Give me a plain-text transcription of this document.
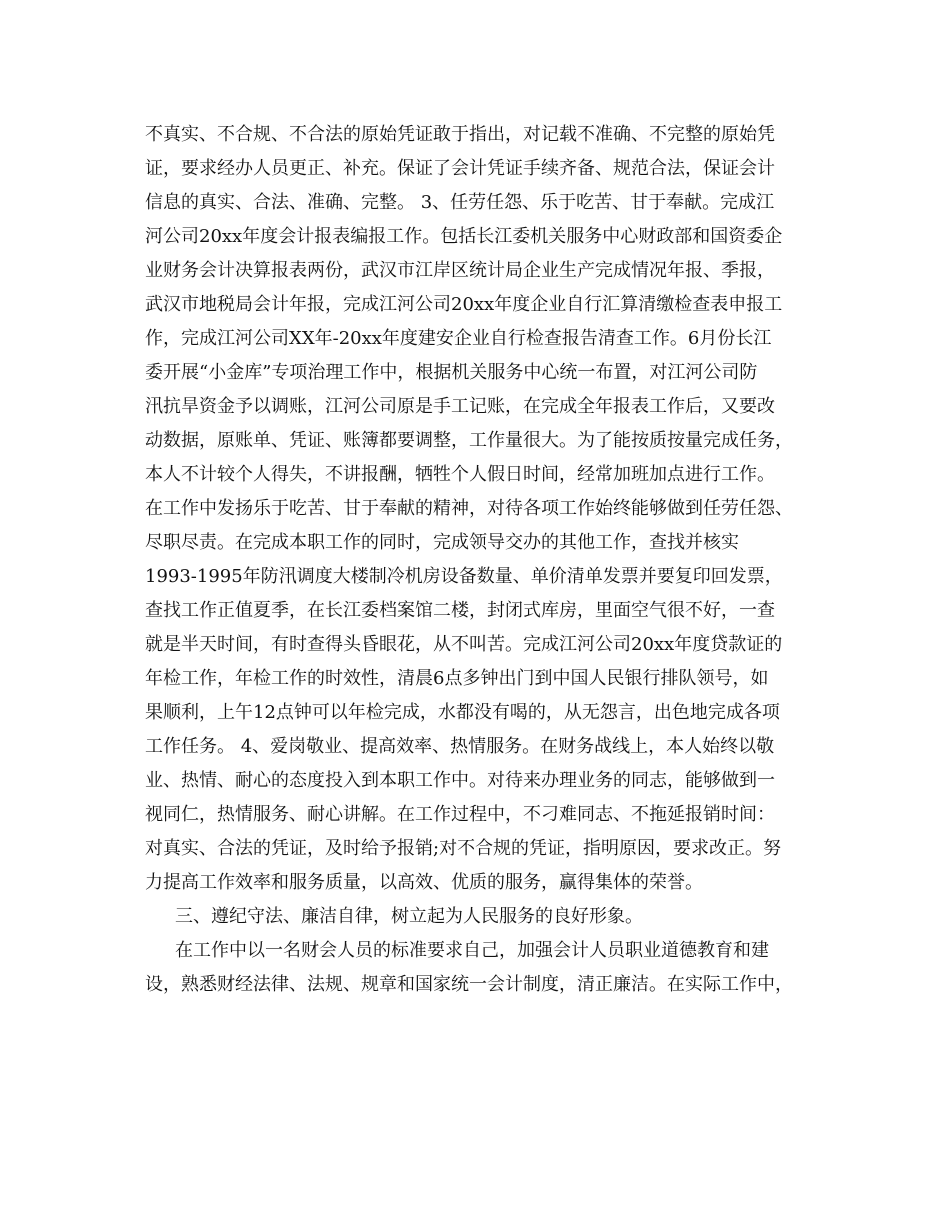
不真实、不合规、不合法的原始凭证敢于指出，对记载不准确、不完整的原始凭
证，要求经办人员更正、补充。保证了会计凭证手续齐备、规范合法，保证会计
信息的真实、合法、准确、完整。 3、任劳任怨、乐于吃苦、甘于奉献。完成江
河公司20xx年度会计报表编报工作。包括长江委机关服务中心财政部和国资委企
业财务会计决算报表两份，武汉市江岸区统计局企业生产完成情况年报、季报，
武汉市地税局会计年报，完成江河公司20xx年度企业自行汇算清缴检查表申报工
作，完成江河公司XX年-20xx年度建安企业自行检查报告清查工作。6月份长江
委开展“小金库”专项治理工作中，根据机关服务中心统一布置，对江河公司防
汛抗旱资金予以调账，江河公司原是手工记账，在完成全年报表工作后，又要改
动数据，原账单、凭证、账簿都要调整，工作量很大。为了能按质按量完成任务，
本人不计较个人得失，不讲报酬，牺牲个人假日时间，经常加班加点进行工作。
在工作中发扬乐于吃苦、甘于奉献的精神，对待各项工作始终能够做到任劳任怨、
尽职尽责。在完成本职工作的同时，完成领导交办的其他工作，查找并核实
1993-1995年防汛调度大楼制冷机房设备数量、单价清单发票并要复印回发票，
查找工作正值夏季，在长江委档案馆二楼，封闭式库房，里面空气很不好，一查
就是半天时间，有时查得头昏眼花，从不叫苦。完成江河公司20xx年度贷款证的
年检工作，年检工作的时效性，清晨6点多钟出门到中国人民银行排队领号，如
果顺利，上午12点钟可以年检完成，水都没有喝的，从无怨言，出色地完成各项
工作任务。 4、爱岗敬业、提高效率、热情服务。在财务战线上，本人始终以敬
业、热情、耐心的态度投入到本职工作中。对待来办理业务的同志，能够做到一
视同仁，热情服务、耐心讲解。在工作过程中，不刁难同志、不拖延报销时间：
对真实、合法的凭证，及时给予报销;对不合规的凭证，指明原因，要求改正。努
力提高工作效率和服务质量，以高效、优质的服务，赢得集体的荣誉。
三、遵纪守法、廉洁自律，树立起为人民服务的良好形象。
在工作中以一名财会人员的标准要求自己，加强会计人员职业道德教育和建
设，熟悉财经法律、法规、规章和国家统一会计制度，清正廉洁。在实际工作中，
